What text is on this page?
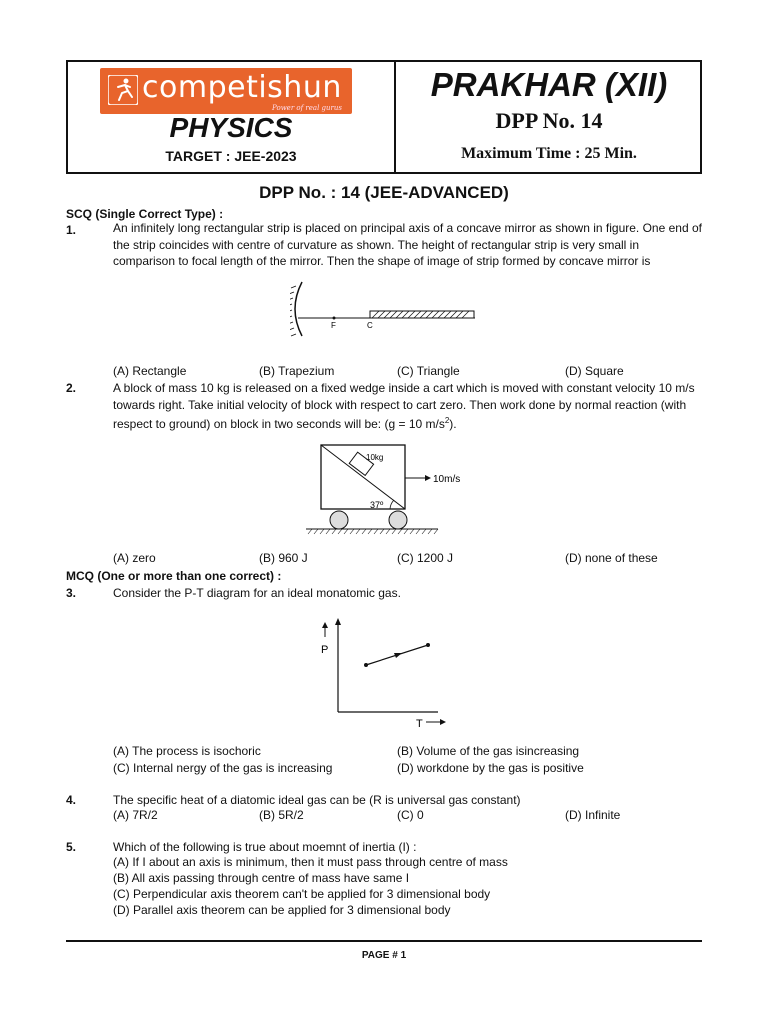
competishun
Power of real gurus
PHYSICS
TARGET : JEE-2023
PRAKHAR (XII)
DPP No. 14
Maximum Time : 25 Min.
DPP No. : 14 (JEE-ADVANCED)
SCQ (Single Correct Type) :
1.	An infinitely long rectangular strip is placed on principal axis of a concave mirror as shown in figure. One end of the strip coincides with centre of curvature as shown. The height of rectangular strip is very small in comparison to focal length of the mirror. Then the shape of image of strip formed by concave mirror is
F	C
(A) Rectangle	(B) Trapezium	(C) Triangle	(D) Square
2.	A block of mass 10 kg is released on a fixed wedge inside a cart which is moved with constant velocity 10 m/s towards right. Take initial velocity of block with respect to cart zero. Then work done by normal reaction (with respect to ground) on block in two seconds will be: (g = 10 $m/s^2$).
10kg
10m/s
37º
(A) zero	(B) 960 J	(C) 1200 J	(D) none of these
MCQ (One or more than one correct) :
3.	Consider the P-T diagram for an ideal monatomic gas.
P
T
(A) The process is isochoric	(B) Volume of the gas isincreasing
(C) Internal nergy of the gas is increasing	(D) workdone by the gas is positive
4.	The specific heat of a diatomic ideal gas can be (R is universal gas constant)
(A) 7R/2	(B) 5R/2	(C) 0	(D) Infinite
5.	Which of the following is true about moemnt of inertia (I) :
(A) If I about an axis is minimum, then it must pass through centre of mass
(B) All axis passing through centre of mass have same I
(C) Perpendicular axis theorem can't be applied for 3 dimensional body
(D) Parallel axis theorem can be applied for 3 dimensional body
PAGE # 1
